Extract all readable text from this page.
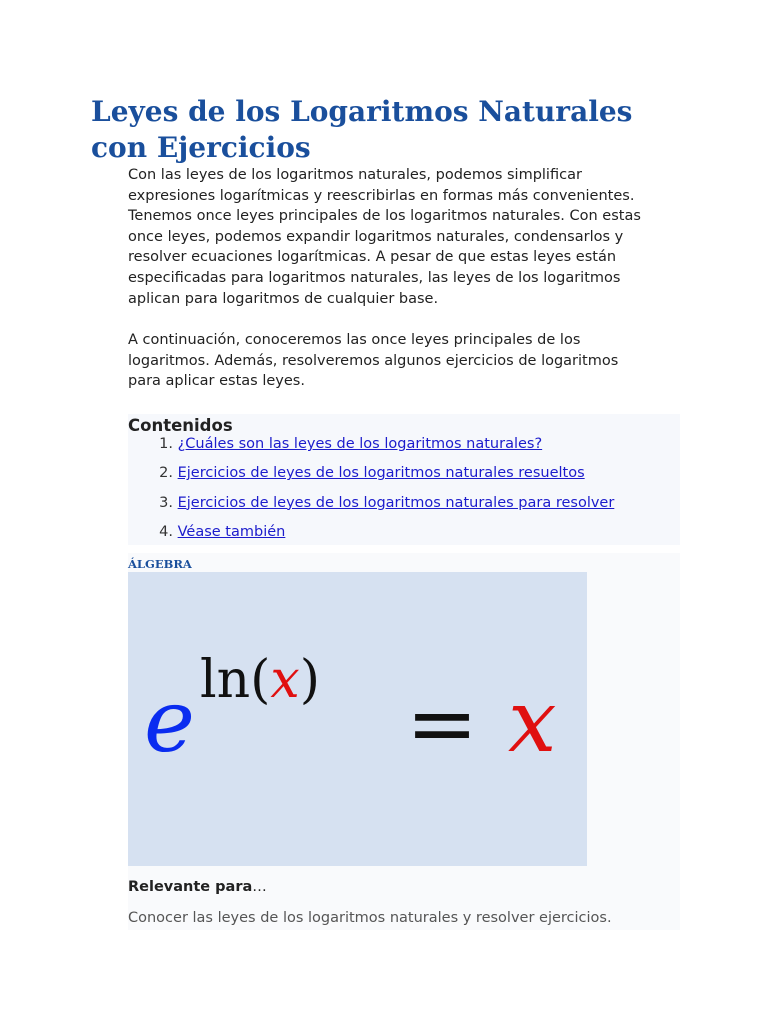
Leyes de los Logaritmos Naturales con Ejercicios
Con las leyes de los logaritmos naturales, podemos simplificar
expresiones logarítmicas y reescribirlas en formas más convenientes.
Tenemos once leyes principales de los logaritmos naturales. Con estas
once leyes, podemos expandir logaritmos naturales, condensarlos y
resolver ecuaciones logarítmicas. A pesar de que estas leyes están
especificadas para logaritmos naturales, las leyes de los logaritmos
aplican para logaritmos de cualquier base.
A continuación, conoceremos las once leyes principales de los
logaritmos. Además, resolveremos algunos ejercicios de logaritmos
para aplicar estas leyes.
Contenidos
1. ¿Cuáles son las leyes de los logaritmos naturales?
2. Ejercicios de leyes de los logaritmos naturales resueltos
3. Ejercicios de leyes de los logaritmos naturales para resolver
4. Véase también
ÁLGEBRA
e ln(x) = x
Relevante para…
Conocer las leyes de los logaritmos naturales y resolver ejercicios.
